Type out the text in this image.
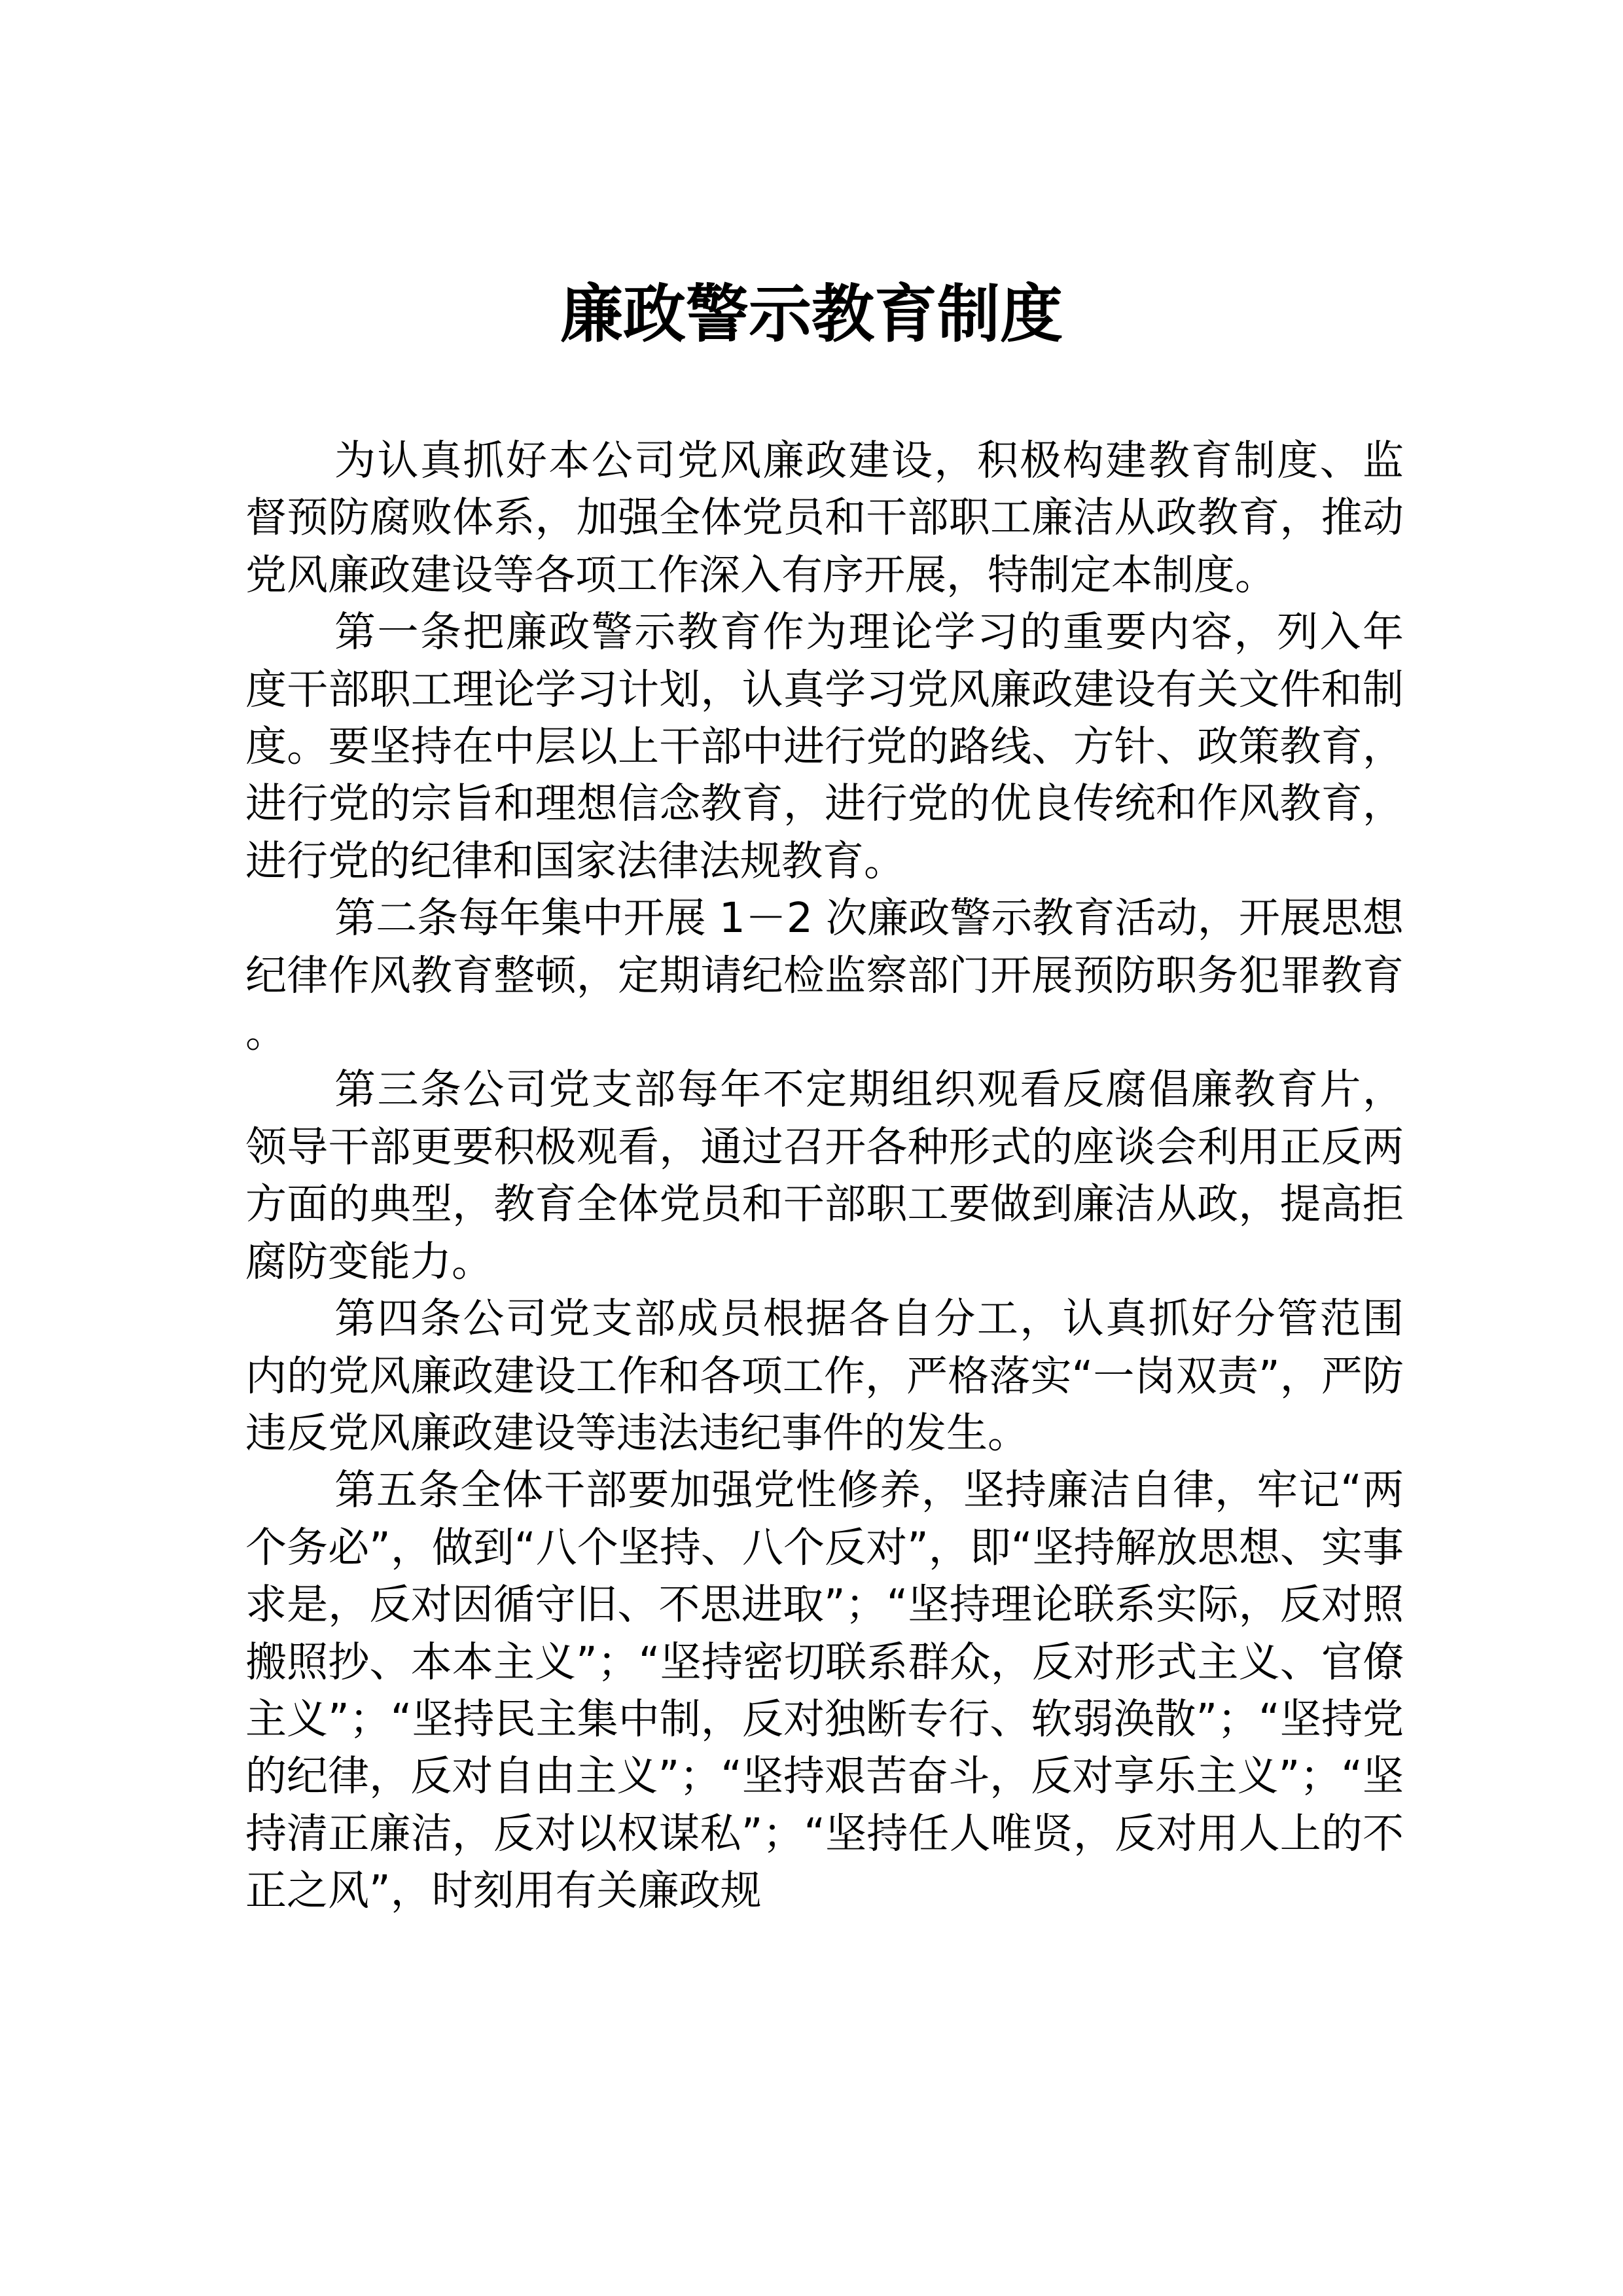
廉政警示教育制度

为认真抓好本公司党风廉政建设，积极构建教育制度、监督预防腐败体系，加强全体党员和干部职工廉洁从政教育，推动党风廉政建设等各项工作深入有序开展，特制定本制度。

第一条把廉政警示教育作为理论学习的重要内容，列入年度干部职工理论学习计划，认真学习党风廉政建设有关文件和制度。要坚持在中层以上干部中进行党的路线、方针、政策教育，进行党的宗旨和理想信念教育，进行党的优良传统和作风教育，进行党的纪律和国家法律法规教育。

第二条每年集中开展 1－2 次廉政警示教育活动，开展思想纪律作风教育整顿，定期请纪检监察部门开展预防职务犯罪教育。

第三条公司党支部每年不定期组织观看反腐倡廉教育片，领导干部更要积极观看，通过召开各种形式的座谈会利用正反两方面的典型，教育全体党员和干部职工要做到廉洁从政，提高拒腐防变能力。

第四条公司党支部成员根据各自分工，认真抓好分管范围内的党风廉政建设工作和各项工作，严格落实“一岗双责”，严防违反党风廉政建设等违法违纪事件的发生。

第五条全体干部要加强党性修养，坚持廉洁自律，牢记“两个务必”，做到“八个坚持、八个反对”，即“坚持解放思想、实事求是，反对因循守旧、不思进取”；“坚持理论联系实际，反对照搬照抄、本本主义”；“坚持密切联系群众，反对形式主义、官僚主义”；“坚持民主集中制，反对独断专行、软弱涣散”；“坚持党的纪律，反对自由主义”；“坚持艰苦奋斗，反对享乐主义”；“坚持清正廉洁，反对以权谋私”；“坚持任人唯贤，反对用人上的不正之风”，时刻用有关廉政规
